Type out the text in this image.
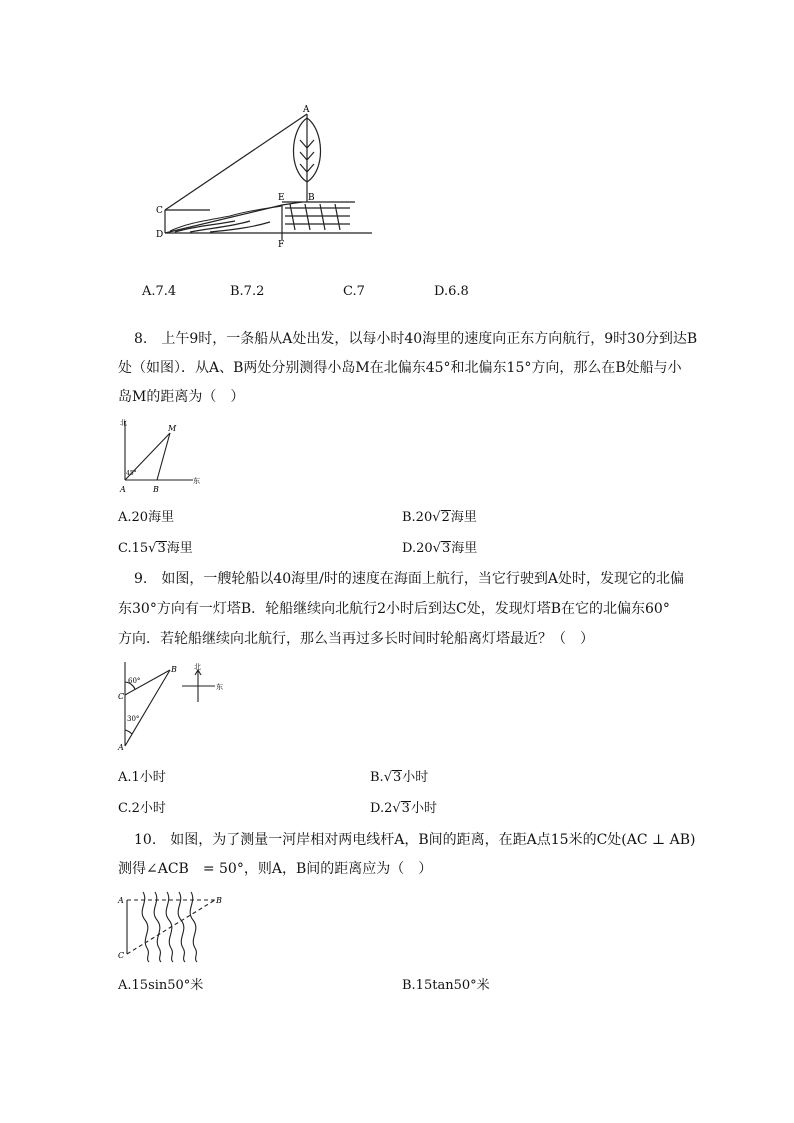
A
C
D
E	B
F
A.7.4	B.7.2	C.7	D.6.8
8.　上午9时，一条船从A处出发，以每小时40海里的速度向正东方向航行，9时30分到达B
处（如图）．从A、B两处分别测得小岛M在北偏东45°和北偏东15°方向，那么在B处船与小
岛M的距离为（　）
北
东
A	B
M
45°
A.20海里	B.20√2海里
C.15√3海里	D.20√3海里
9.　如图，一艘轮船以40海里/时的速度在海面上航行，当它行驶到A处时，发现它的北偏
东30°方向有一灯塔B．轮船继续向北航行2小时后到达C处，发现灯塔B在它的北偏东60°
方向．若轮船继续向北航行，那么当再过多长时间时轮船离灯塔最近？（　）
A
B
C
60°
30°
北
东
A.1小时	B.√3小时
C.2小时	D.2√3小时
10.　如图，为了测量一河岸相对两电线杆A，B间的距离，在距A点15米的C处(AC ⊥ AB)
测得∠ACB　= 50°，则A，B间的距离应为（　）
A	B
C
A.15sin50°米	B.15tan50°米
